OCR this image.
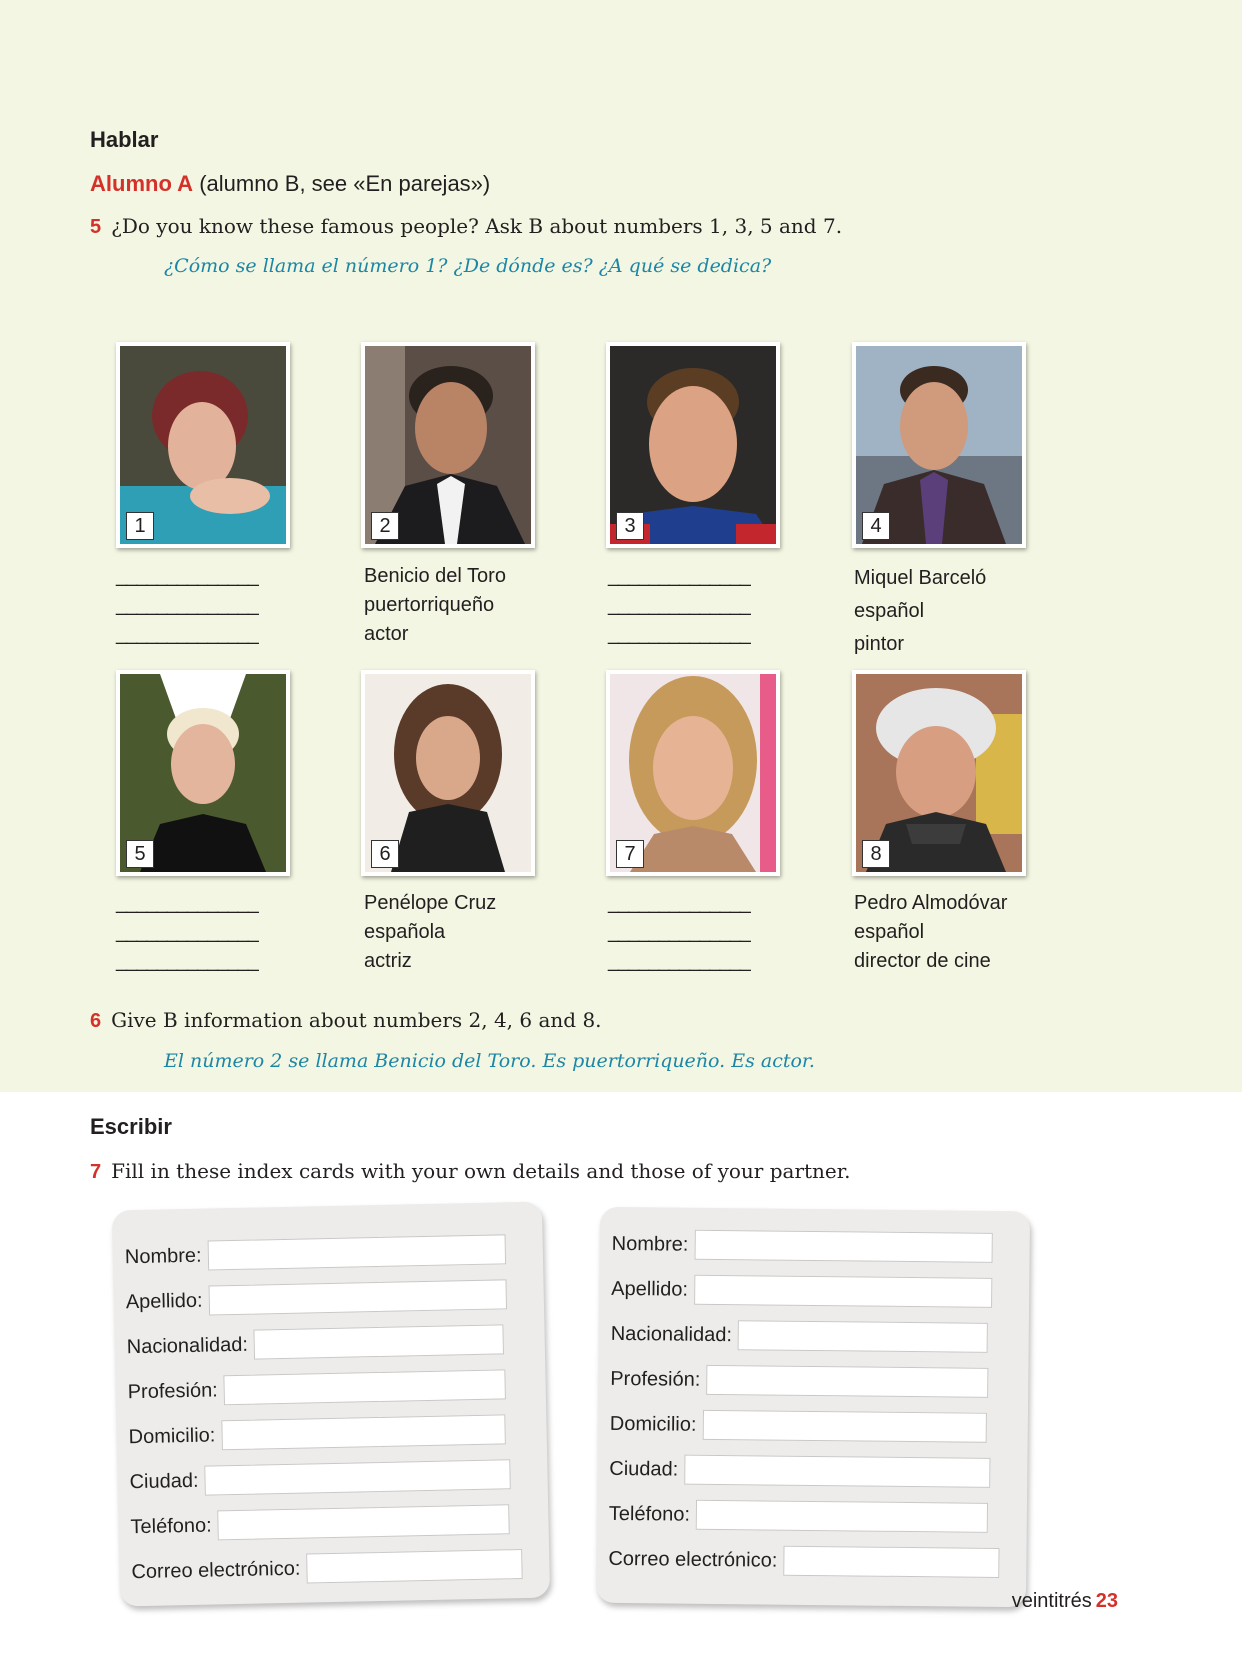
Hablar
Alumno A (alumno B, see «En parejas»)
5 ¿Do you know these famous people? Ask B about numbers 1, 3, 5 and 7.
¿Cómo se llama el número 1? ¿De dónde es? ¿A qué se dedica?
1	2	3	4
______________
______________
______________
Benicio del Toro
puertorriqueño
actor
______________
______________
______________
Miquel Barceló
español
pintor
5	6	7	8
______________
______________
______________
Penélope Cruz
española
actriz
______________
______________
______________
Pedro Almodóvar
español
director de cine
6 Give B information about numbers 2, 4, 6 and 8.
El número 2 se llama Benicio del Toro. Es puertorriqueño. Es actor.
Escribir
7 Fill in these index cards with your own details and those of your partner.
Nombre:
Apellido:
Nacionalidad:
Profesión:
Domicilio:
Ciudad:
Teléfono:
Correo electrónico:
Nombre:
Apellido:
Nacionalidad:
Profesión:
Domicilio:
Ciudad:
Teléfono:
Correo electrónico:
veintitrés 23
